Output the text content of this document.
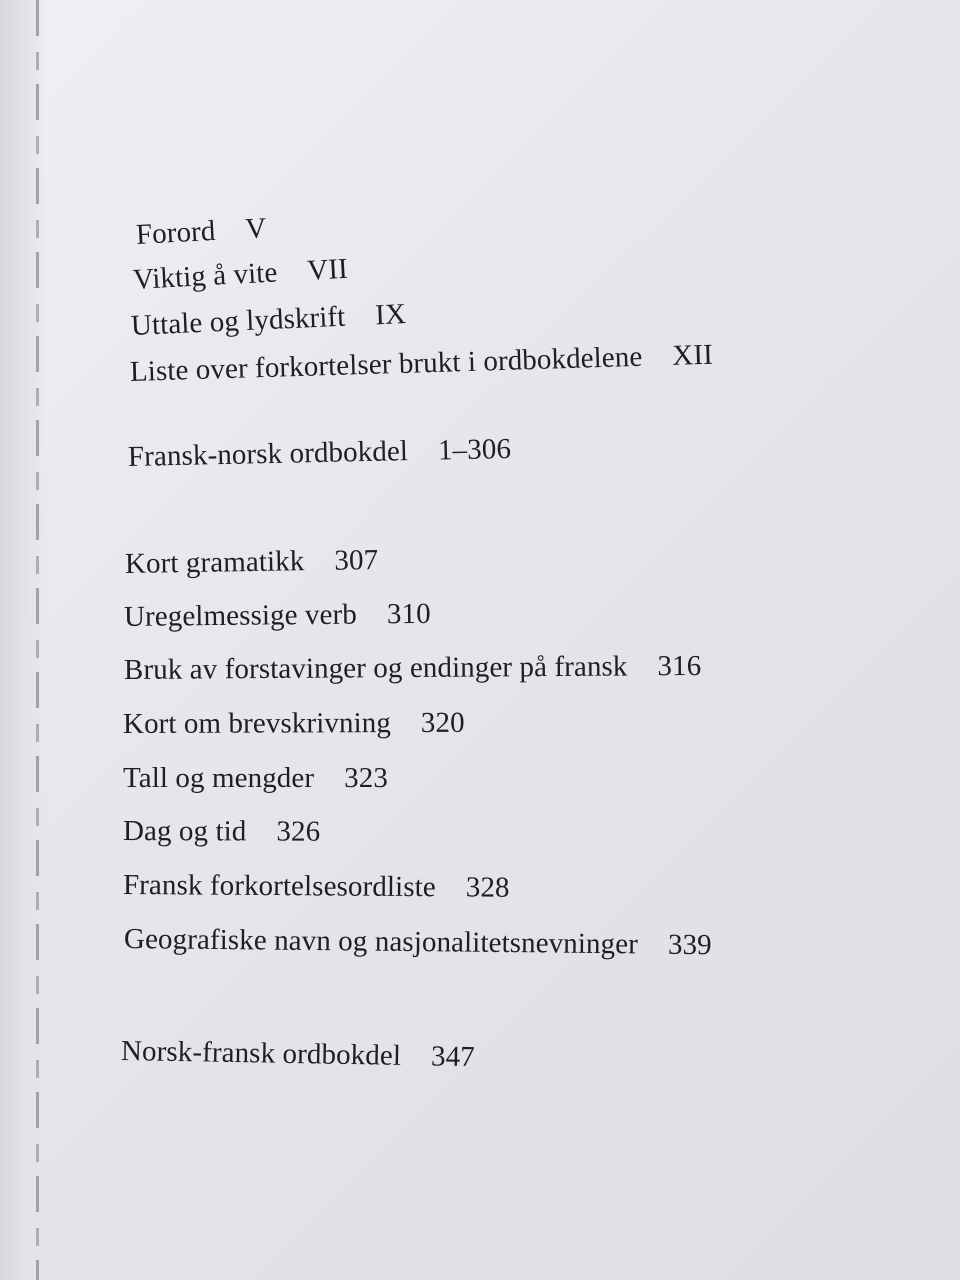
Forord V
Viktig å vite VII
Uttale og lydskrift IX
Liste over forkortelser brukt i ordbokdelene XII
Fransk-norsk ordbokdel 1–306
Kort gramatikk 307
Uregelmessige verb 310
Bruk av forstavinger og endinger på fransk 316
Kort om brevskrivning 320
Tall og mengder 323
Dag og tid 326
Fransk forkortelsesordliste 328
Geografiske navn og nasjonalitetsnevninger 339
Norsk-fransk ordbokdel 347
